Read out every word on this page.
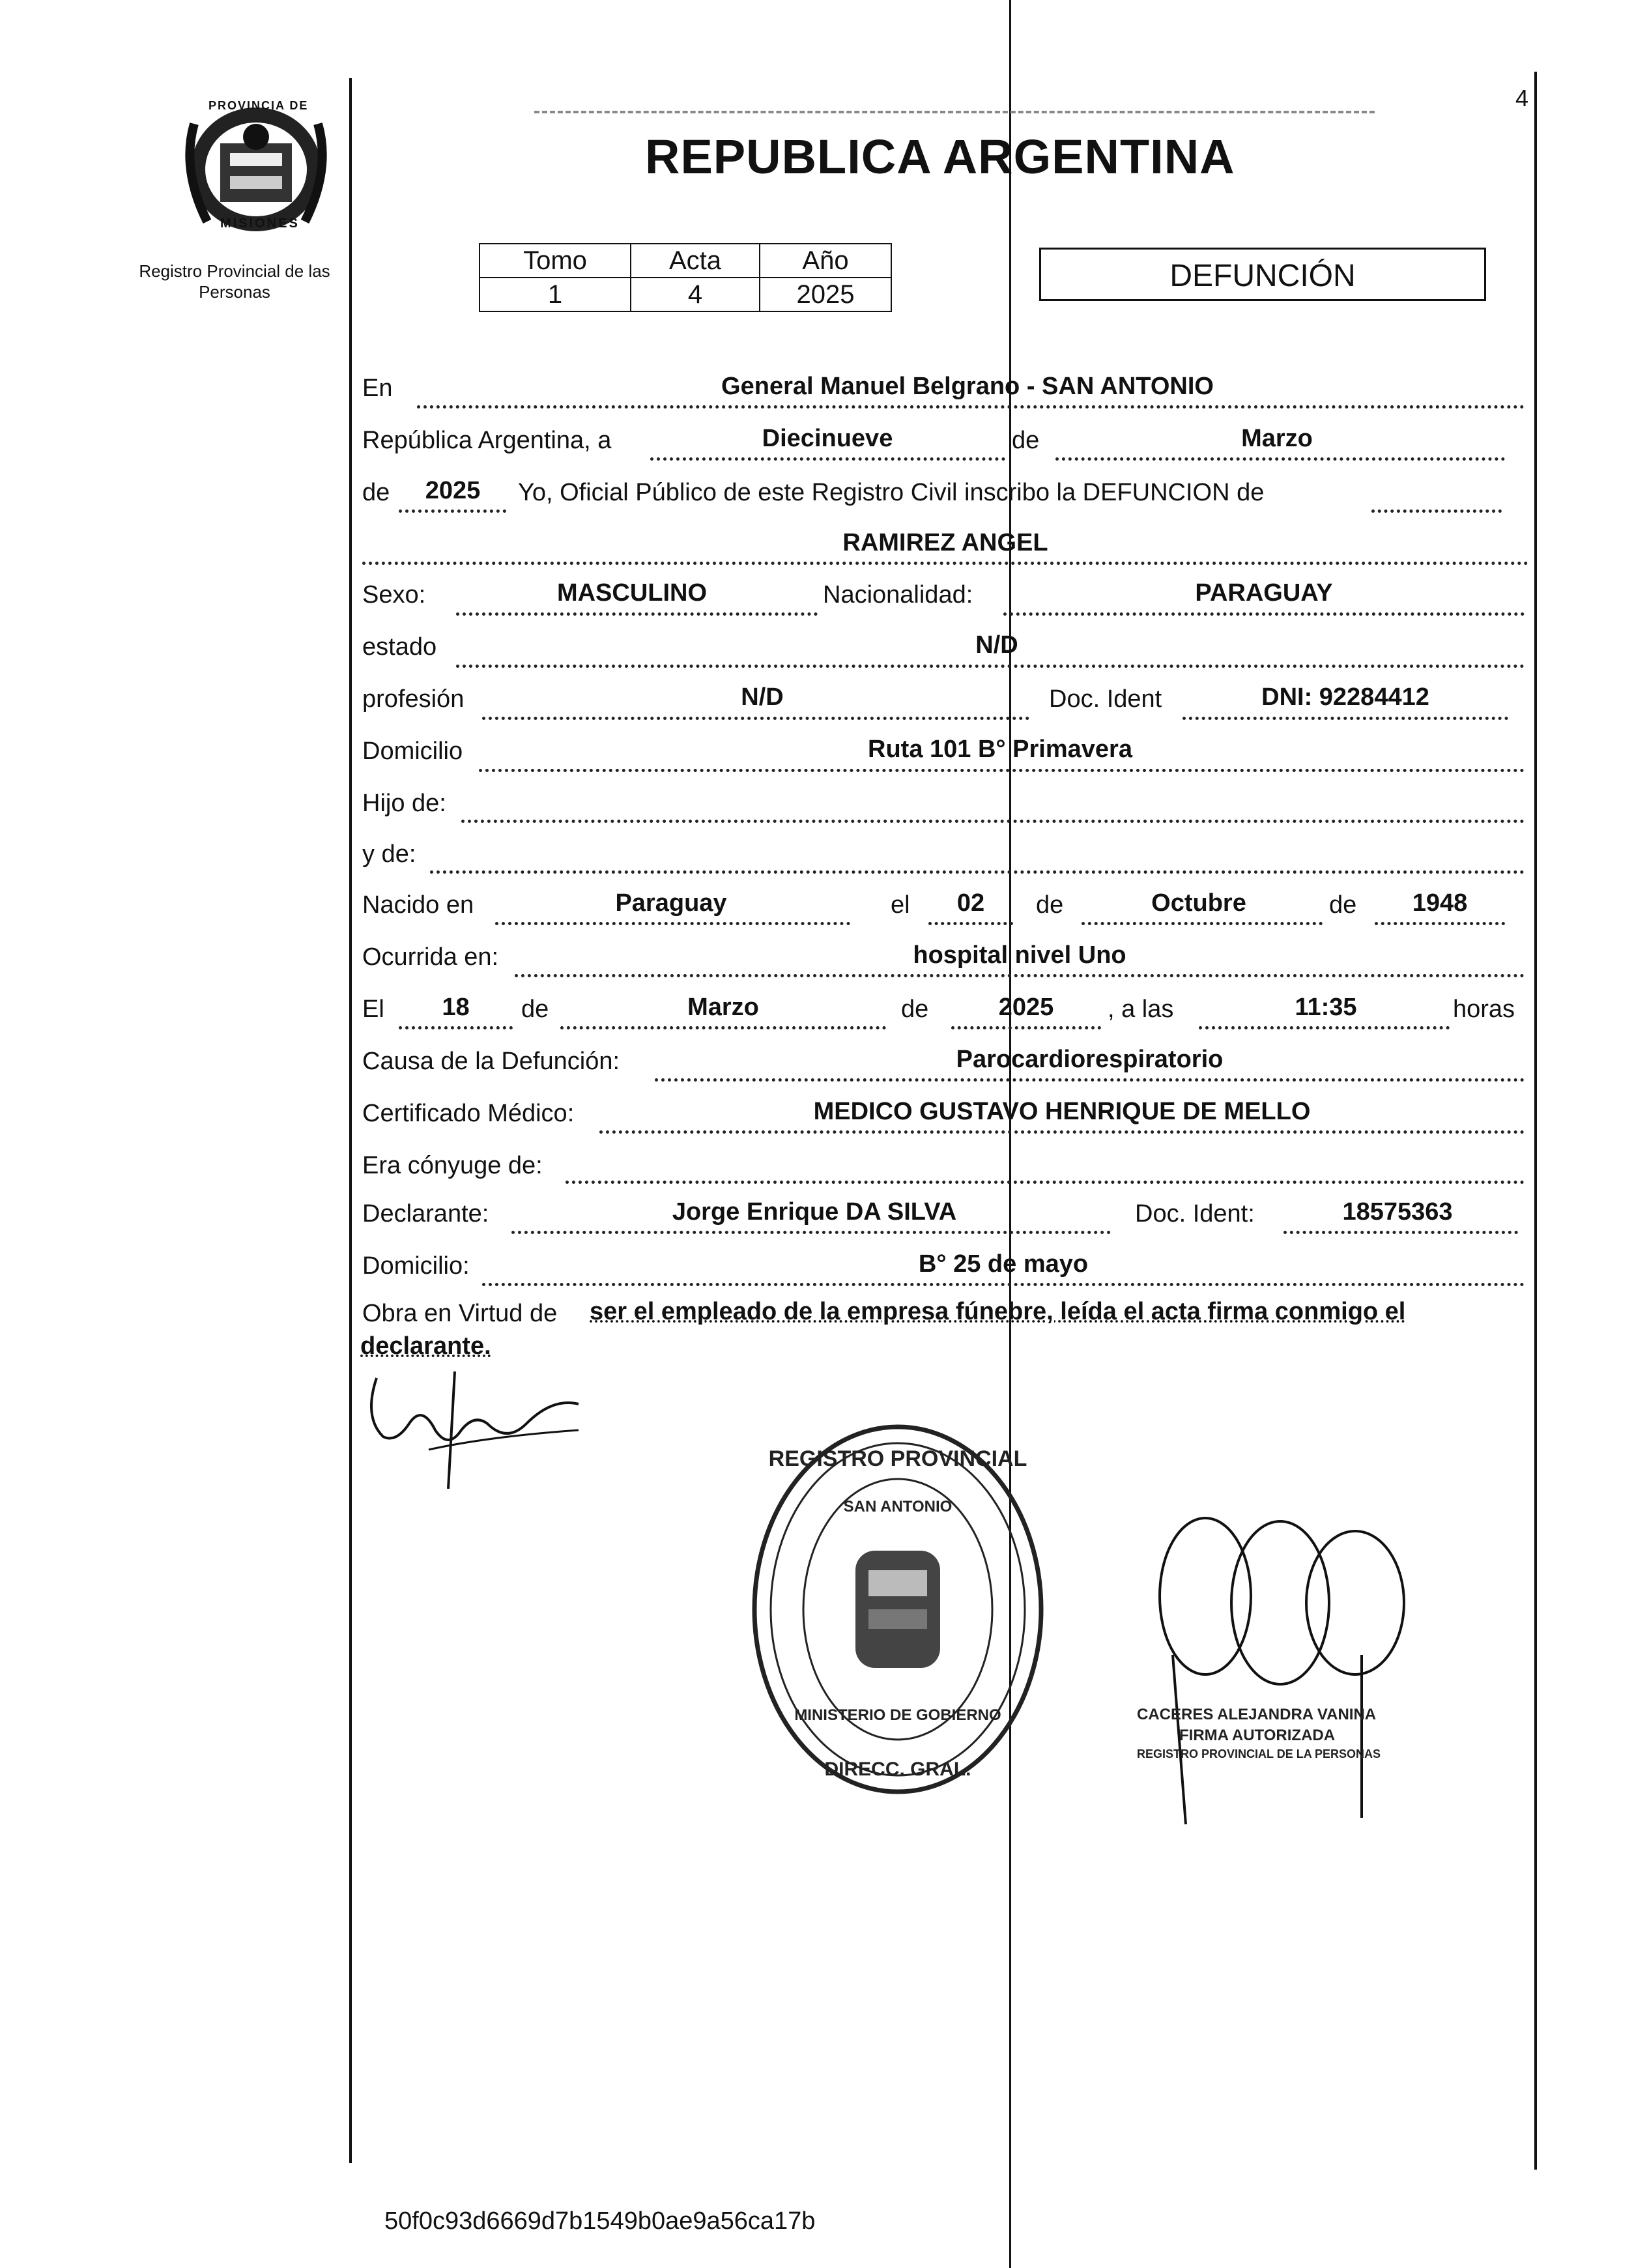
PROVINCIA DE
MISIONES
Registro Provincial de las Personas
4
REPUBLICA ARGENTINA
Tomo	Acta	Año
1	4	2025
DEFUNCIÓN
En	General Manuel Belgrano - SAN ANTONIO
República Argentina, a	Diecinueve	de	Marzo
de	2025	Yo, Oficial Público de este Registro Civil inscribo la DEFUNCION de
RAMIREZ ANGEL
Sexo:	MASCULINO	Nacionalidad:	PARAGUAY
estado	N/D
profesión	N/D	Doc. Ident	DNI: 92284412
Domicilio	Ruta 101 B° Primavera
Hijo de:
y de:
Nacido en	Paraguay	el	02	de	Octubre	de	1948
Ocurrida en:	hospital nivel Uno
El	18	de	Marzo	de	2025	, a las	11:35	horas
Causa de la Defunción:	Parocardiorespiratorio
Certificado Médico:	MEDICO GUSTAVO HENRIQUE DE MELLO
Era cónyuge de:
Declarante:	Jorge Enrique DA SILVA	Doc. Ident:	18575363
Domicilio:	B° 25 de mayo
Obra en Virtud de ser el empleado de la empresa fúnebre, leída el acta firma conmigo el
declarante.
REGISTRO PROVINCIAL
DIRECC. GRAL.
SAN ANTONIO
MINISTERIO DE GOBIERNO	CACERES ALEJANDRA VANINA
FIRMA AUTORIZADA
REGISTRO PROVINCIAL DE LA PERSONAS
50f0c93d6669d7b1549b0ae9a56ca17b
